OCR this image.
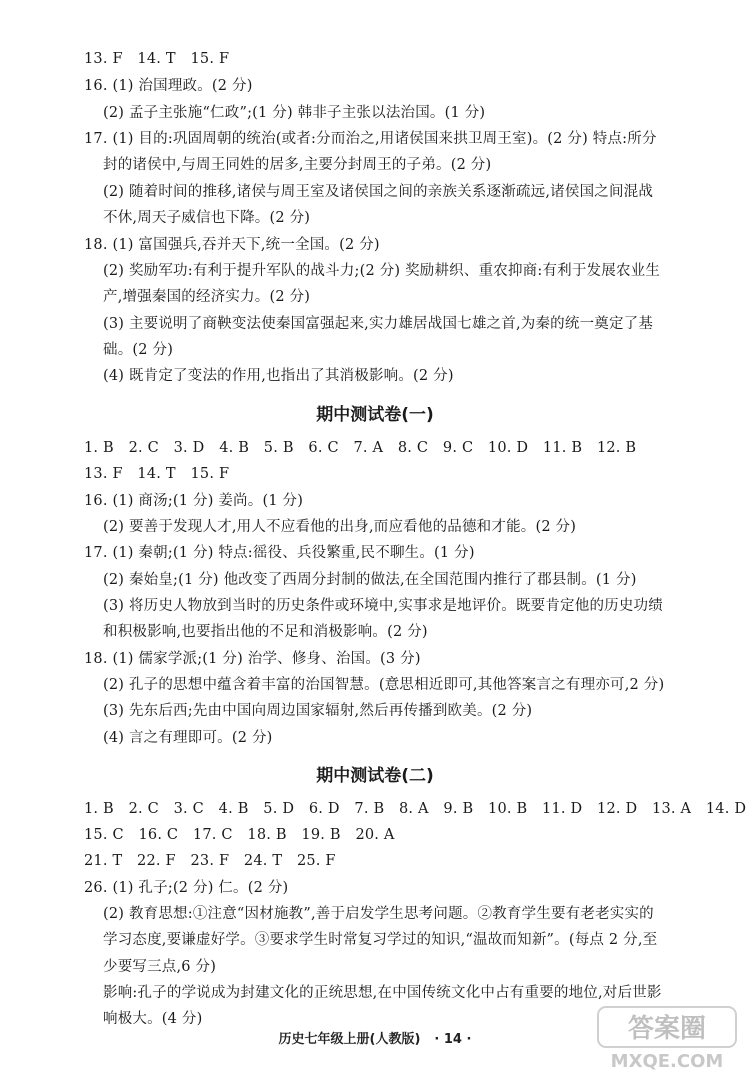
13. F　14. T　15. F
16. (1) 治国理政。(2 分)
(2) 孟子主张施“仁政”;(1 分) 韩非子主张以法治国。(1 分)
17. (1) 目的:巩固周朝的统治(或者:分而治之,用诸侯国来拱卫周王室)。(2 分) 特点:所分
封的诸侯中,与周王同姓的居多,主要分封周王的子弟。(2 分)
(2) 随着时间的推移,诸侯与周王室及诸侯国之间的亲族关系逐渐疏远,诸侯国之间混战
不休,周天子威信也下降。(2 分)
18. (1) 富国强兵,吞并天下,统一全国。(2 分)
(2) 奖励军功:有利于提升军队的战斗力;(2 分) 奖励耕织、重农抑商:有利于发展农业生
产,增强秦国的经济实力。(2 分)
(3) 主要说明了商鞅变法使秦国富强起来,实力雄居战国七雄之首,为秦的统一奠定了基
础。(2 分)
(4) 既肯定了变法的作用,也指出了其消极影响。(2 分)
期中测试卷(一)
1. B　2. C　3. D　4. B　5. B　6. C　7. A　8. C　9. C　10. D　11. B　12. B
13. F　14. T　15. F
16. (1) 商汤;(1 分) 姜尚。(1 分)
(2) 要善于发现人才,用人不应看他的出身,而应看他的品德和才能。(2 分)
17. (1) 秦朝;(1 分) 特点:徭役、兵役繁重,民不聊生。(1 分)
(2) 秦始皇;(1 分) 他改变了西周分封制的做法,在全国范围内推行了郡县制。(1 分)
(3) 将历史人物放到当时的历史条件或环境中,实事求是地评价。既要肯定他的历史功绩
和积极影响,也要指出他的不足和消极影响。(2 分)
18. (1) 儒家学派;(1 分) 治学、修身、治国。(3 分)
(2) 孔子的思想中蕴含着丰富的治国智慧。(意思相近即可,其他答案言之有理亦可,2 分)
(3) 先东后西;先由中国向周边国家辐射,然后再传播到欧美。(2 分)
(4) 言之有理即可。(2 分)
期中测试卷(二)
1. B　2. C　3. C　4. B　5. D　6. D　7. B　8. A　9. B　10. B　11. D　12. D　13. A　14. D
15. C　16. C　17. C　18. B　19. B　20. A
21. T　22. F　23. F　24. T　25. F
26. (1) 孔子;(2 分) 仁。(2 分)
(2) 教育思想:①注意“因材施教”,善于启发学生思考问题。②教育学生要有老老实实的
学习态度,要谦虚好学。③要求学生时常复习学过的知识,“温故而知新”。(每点 2 分,至
少要写三点,6 分)
影响:孔子的学说成为封建文化的正统思想,在中国传统文化中占有重要的地位,对后世影
响极大。(4 分)
历史七年级上册(人教版) · 14 ·	答案圈
MXQE.COM
